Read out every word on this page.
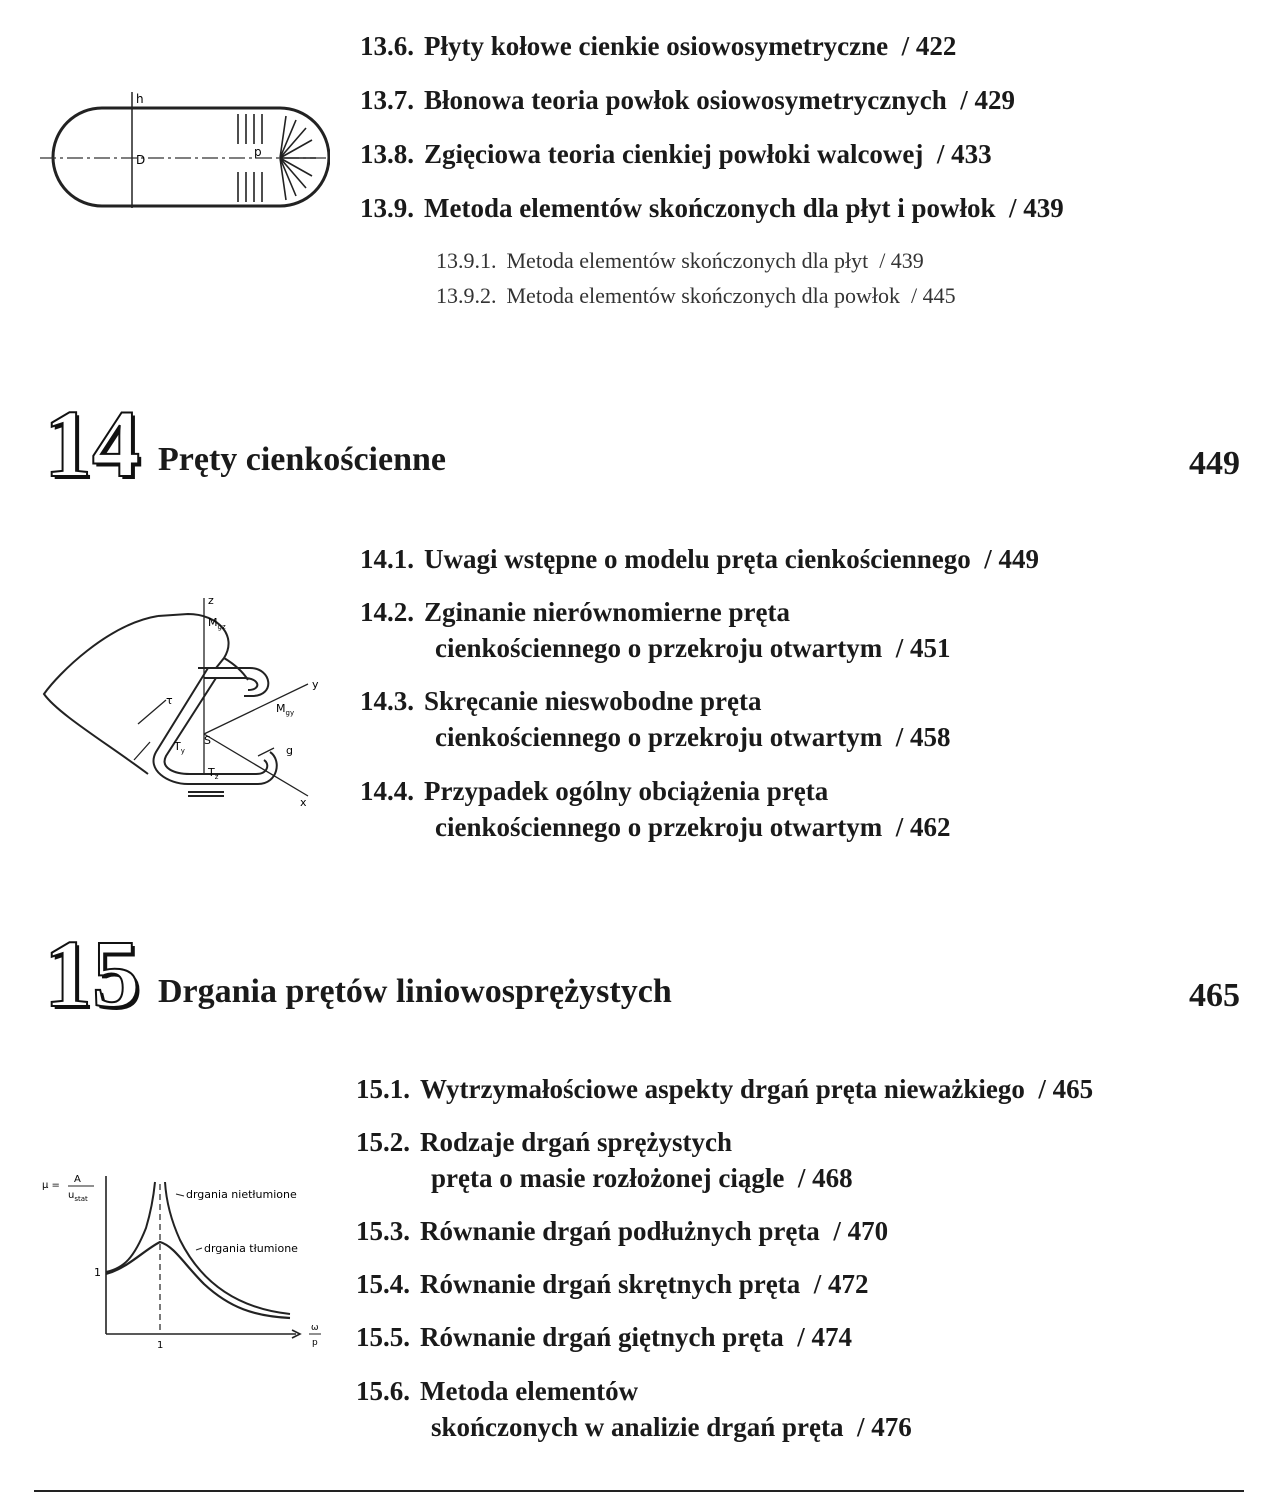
13.6. Płyty kołowe cienkie osiowosymetryczne / 422
13.7. Błonowa teoria powłok osiowosymetrycznych / 429
13.8. Zgięciowa teoria cienkiej powłoki walcowej / 433
13.9. Metoda elementów skończonych dla płyt i powłok / 439
13.9.1. Metoda elementów skończonych dla płyt / 439
13.9.2. Metoda elementów skończonych dla powłok / 445
h
D
p
14 Pręty cienkościenne	449
14.1. Uwagi wstępne o modelu pręta cienkościennego / 449
14.2. Zginanie nierównomierne pręta
cienkościennego o przekroju otwartym / 451
14.3. Skręcanie nieswobodne pręta
cienkościennego o przekroju otwartym / 458
14.4. Przypadek ogólny obciążenia pręta
cienkościennego o przekroju otwartym / 462
z
$M_{gz}$
y
$M_{gy}$
τ
S
$T_y$
$T_z$
g
x
15 Drgania prętów liniowosprężystych	465
15.1. Wytrzymałościowe aspekty drgań pręta nieważkiego / 465
15.2. Rodzaje drgań sprężystych
pręta o masie rozłożonej ciągle / 468
15.3. Równanie drgań podłużnych pręta / 470
15.4. Równanie drgań skrętnych pręta / 472
15.5. Równanie drgań giętnych pręta / 474
15.6. Metoda elementów
skończonych w analizie drgań pręta / 476
μ =
A
$u_{stat}$	drgania nietłumione
drgania tłumione
1
1
ω
p
